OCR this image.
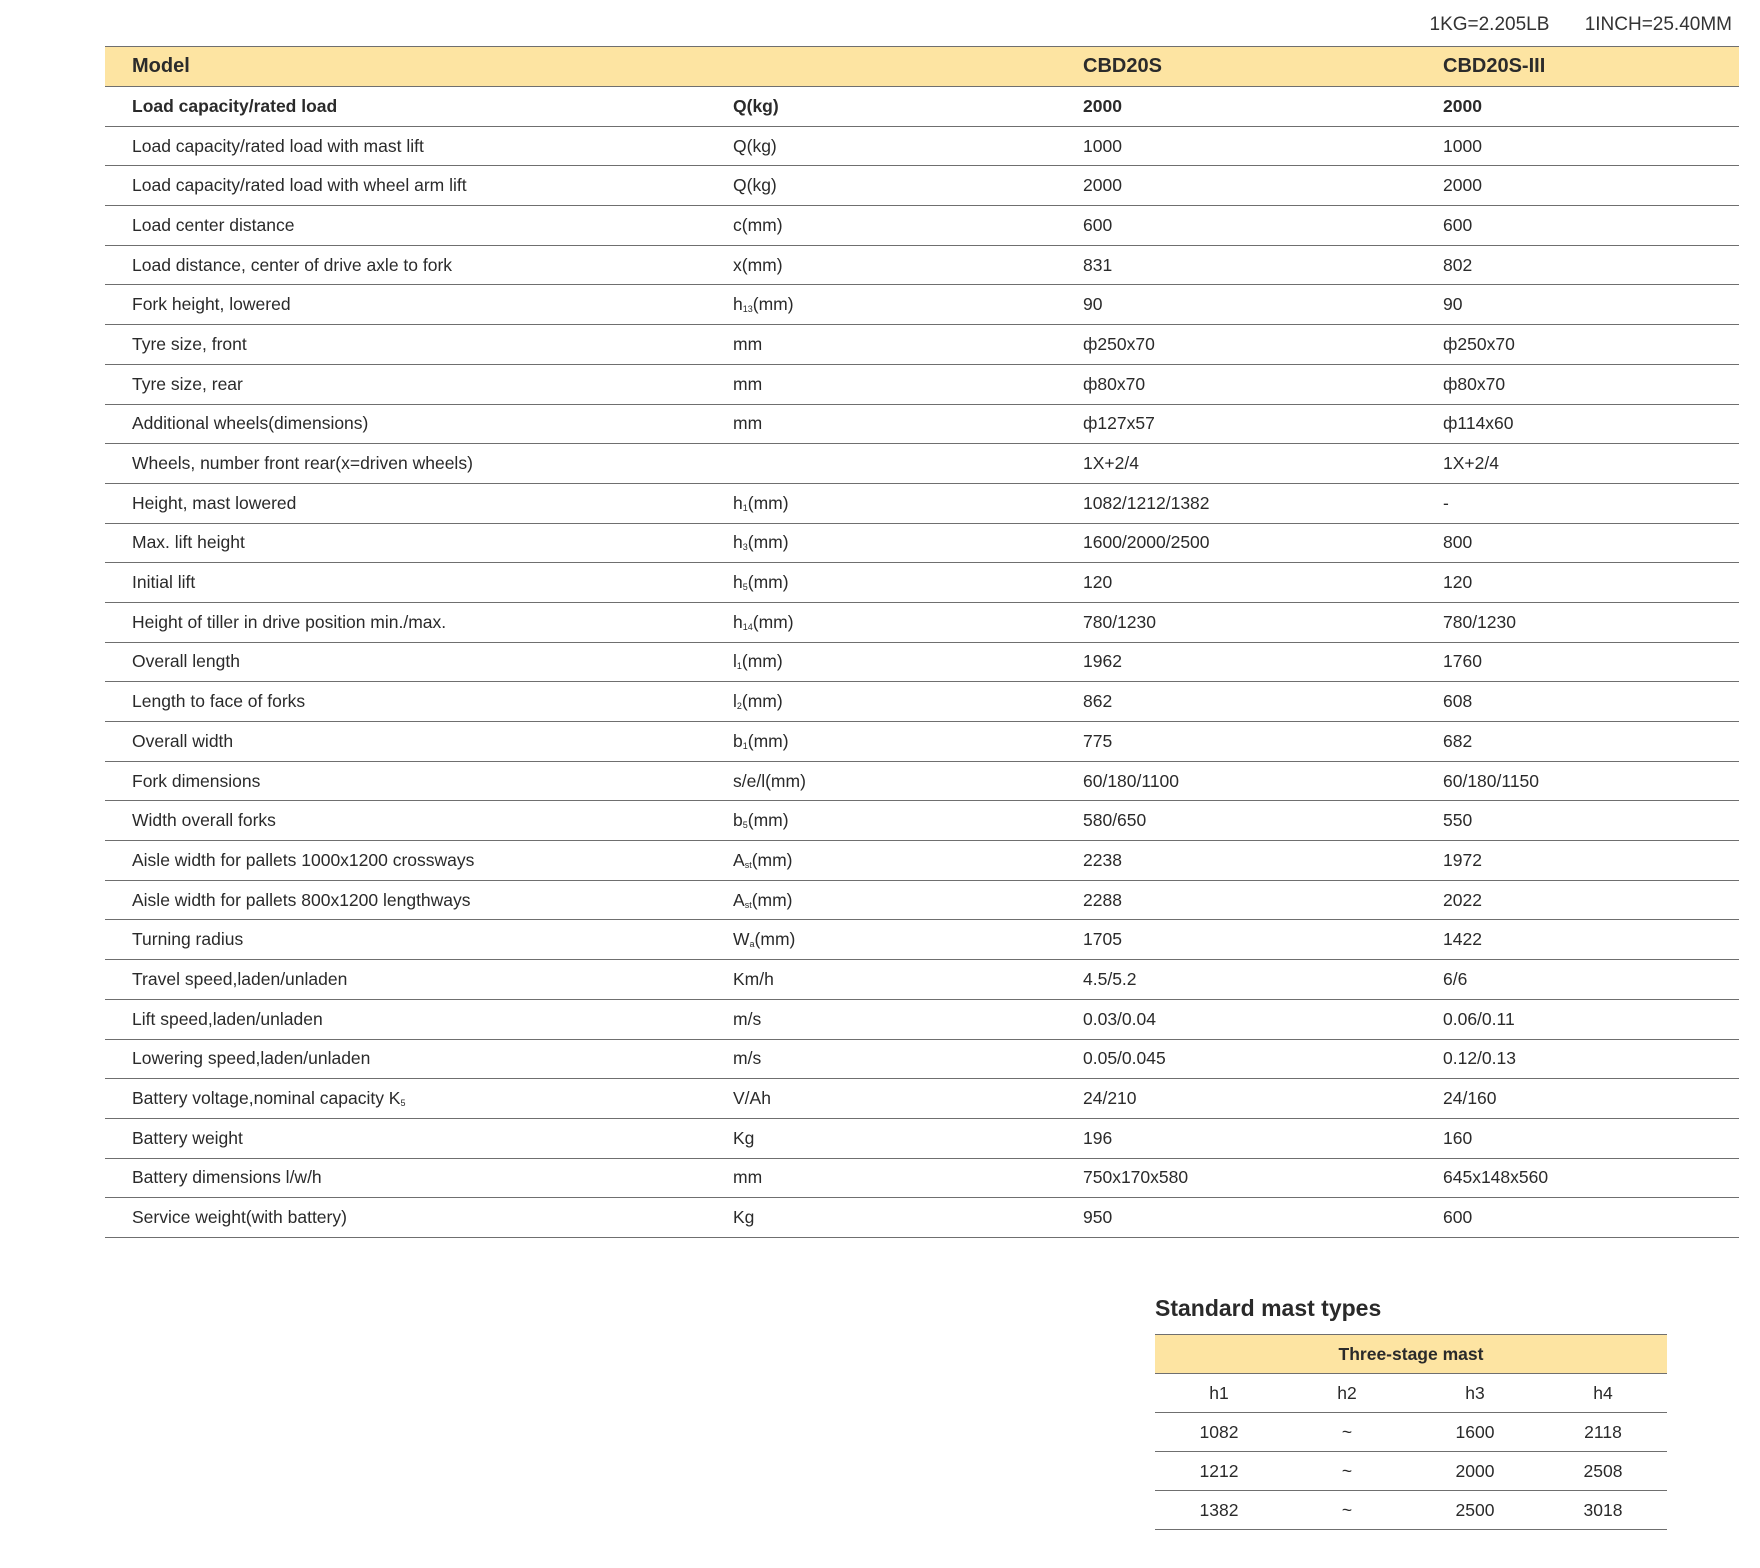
1KG=2.205LB 1INCH=25.40MM
Model		CBD20S	CBD20S-III
Load capacity/rated load	Q(kg)	2000	2000
Load capacity/rated load with mast lift	Q(kg)	1000	1000
Load capacity/rated load with wheel arm lift	Q(kg)	2000	2000
Load center distance	c(mm)	600	600
Load distance, center of drive axle to fork	x(mm)	831	802
Fork height, lowered	$h_{13}(mm)$	90	90
Tyre size, front	mm	ф250x70	ф250x70
Tyre size, rear	mm	ф80x70	ф80x70
Additional wheels(dimensions)	mm	ф127x57	ф114x60
Wheels, number front rear(x=driven wheels)		1X+2/4	1X+2/4
Height, mast lowered	$h_1(mm)$	1082/1212/1382	-
Max. lift height	$h_3(mm)$	1600/2000/2500	800
Initial lift	$h_5(mm)$	120	120
Height of tiller in drive position min./max.	$h_{14}(mm)$	780/1230	780/1230
Overall length	$l_1(mm)$	1962	1760
Length to face of forks	$l_2(mm)$	862	608
Overall width	$b_1(mm)$	775	682
Fork dimensions	s/e/l(mm)	60/180/1100	60/180/1150
Width overall forks	$b_5(mm)$	580/650	550
Aisle width for pallets 1000x1200 crossways	$A_{st}(mm)$	2238	1972
Aisle width for pallets 800x1200 lengthways	$A_{st}(mm)$	2288	2022
Turning radius	$W_a(mm)$	1705	1422
Travel speed,laden/unladen	Km/h	4.5/5.2	6/6
Lift speed,laden/unladen	m/s	0.03/0.04	0.06/0.11
Lowering speed,laden/unladen	m/s	0.05/0.045	0.12/0.13
Battery voltage,nominal capacity $K_5$	V/Ah	24/210	24/160
Battery weight	Kg	196	160
Battery dimensions l/w/h	mm	750x170x580	645x148x560
Service weight(with battery)	Kg	950	600
Standard mast types
Three-stage mast			
h1	h2	h3	h4
1082	~	1600	2118
1212	~	2000	2508
1382	~	2500	3018
